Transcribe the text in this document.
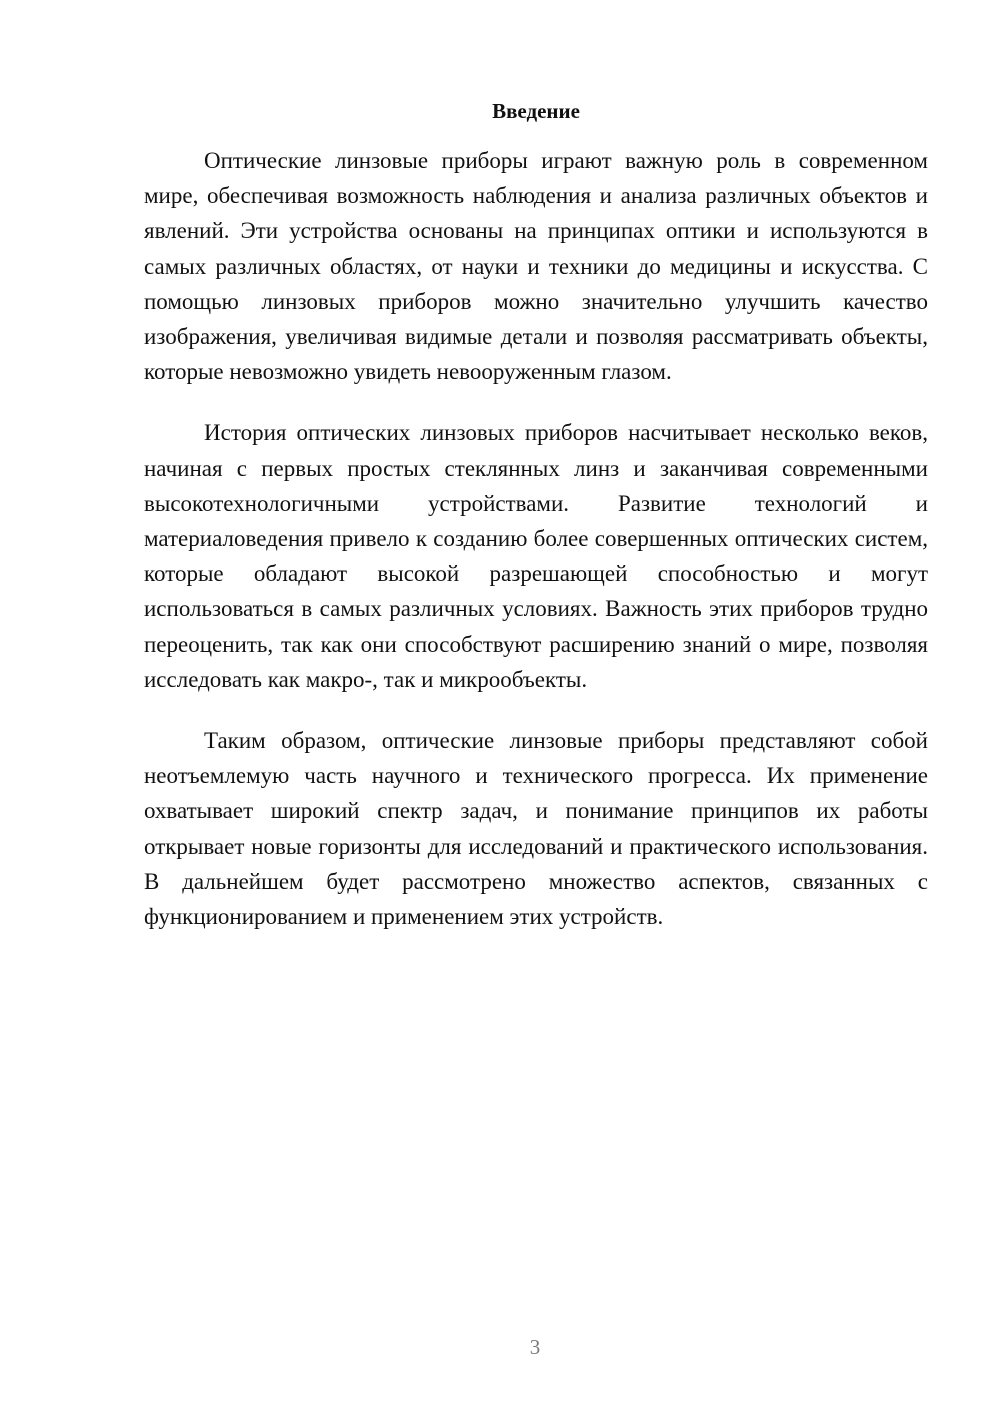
Введение

Оптические линзовые приборы играют важную роль в современном мире, обеспечивая возможность наблюдения и анализа различных объектов и явлений. Эти устройства основаны на принципах оптики и используются в самых различных областях, от науки и техники до медицины и искусства. С помощью линзовых приборов можно значительно улучшить качество изображения, увеличивая видимые детали и позволяя рассматривать объекты, которые невозможно увидеть невооруженным глазом.

История оптических линзовых приборов насчитывает несколько веков, начиная с первых простых стеклянных линз и заканчивая современными высокотехнологичными устройствами. Развитие технологий и материаловедения привело к созданию более совершенных оптических систем, которые обладают высокой разрешающей способностью и могут использоваться в самых различных условиях. Важность этих приборов трудно переоценить, так как они способствуют расширению знаний о мире, позволяя исследовать как макро-, так и микрообъекты.

Таким образом, оптические линзовые приборы представляют собой неотъемлемую часть научного и технического прогресса. Их применение охватывает широкий спектр задач, и понимание принципов их работы открывает новые горизонты для исследований и практического использования. В дальнейшем будет рассмотрено множество аспектов, связанных с функционированием и применением этих устройств.

3
